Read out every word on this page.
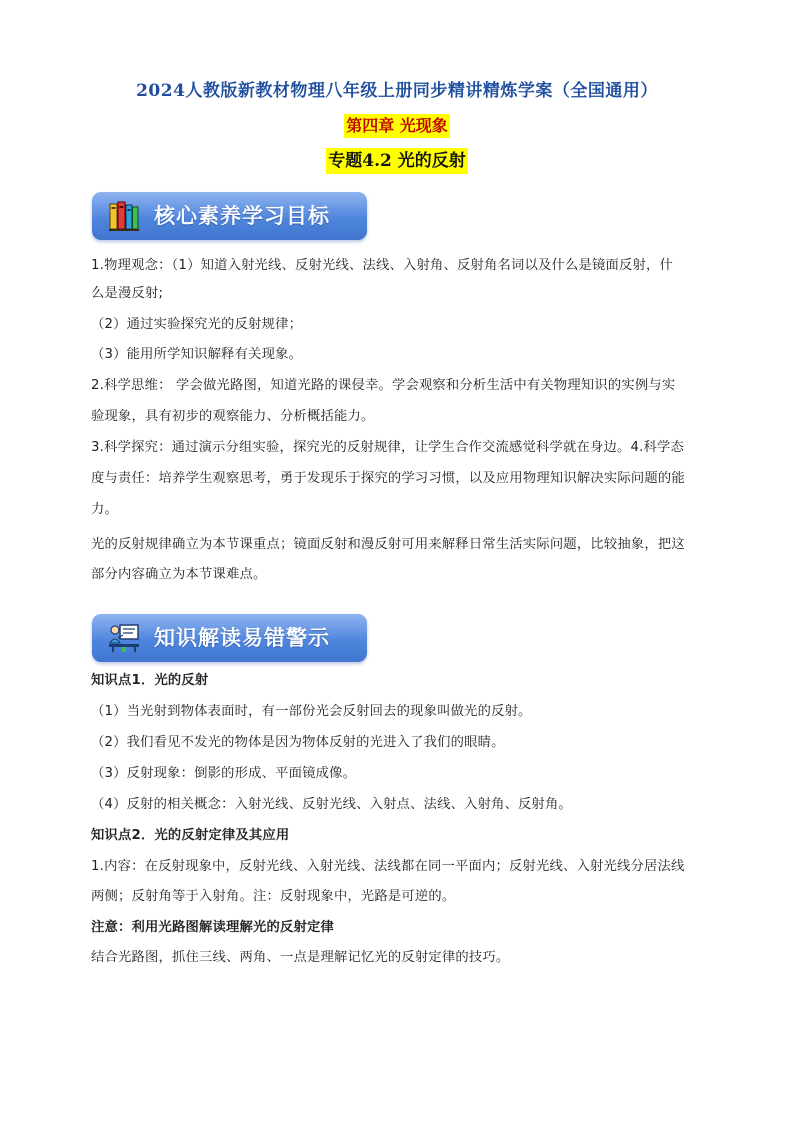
2024人教版新教材物理八年级上册同步精讲精炼学案（全国通用）
第四章 光现象
专题4.2 光的反射
核心素养学习目标

1.物理观念：（1）知道入射光线、反射光线、法线、入射角、反射角名词以及什么是镜面反射，什

么是漫反射;

（2）通过实验探究光的反射规律；

（3）能用所学知识解释有关现象。

2.科学思维： 学会做光路图，知道光路的课侵幸。学会观察和分析生活中有关物理知识的实例与实

验现象，具有初步的观察能力、分析概括能力。

3.科学探究：通过演示分组实验，探究光的反射规律，让学生合作交流感觉科学就在身边。4.科学态

度与责任：培养学生观察思考，勇于发现乐于探究的学习习惯，以及应用物理知识解决实际问题的能

力。

光的反射规律确立为本节课重点；镜面反射和漫反射可用来解释日常生活实际问题，比较抽象，把这

部分内容确立为本节课难点。

知识解读易错警示

知识点1．光的反射

（1）当光射到物体表面时，有一部份光会反射回去的现象叫做光的反射。

（2）我们看见不发光的物体是因为物体反射的光进入了我们的眼睛。

（3）反射现象：倒影的形成、平面镜成像。

（4）反射的相关概念：入射光线、反射光线、入射点、法线、入射角、反射角。

知识点2．光的反射定律及其应用

1.内容：在反射现象中，反射光线、入射光线、法线都在同一平面内；反射光线、入射光线分居法线

两侧；反射角等于入射角。注：反射现象中，光路是可逆的。

注意：利用光路图解读理解光的反射定律

结合光路图，抓住三线、两角、一点是理解记忆光的反射定律的技巧。
